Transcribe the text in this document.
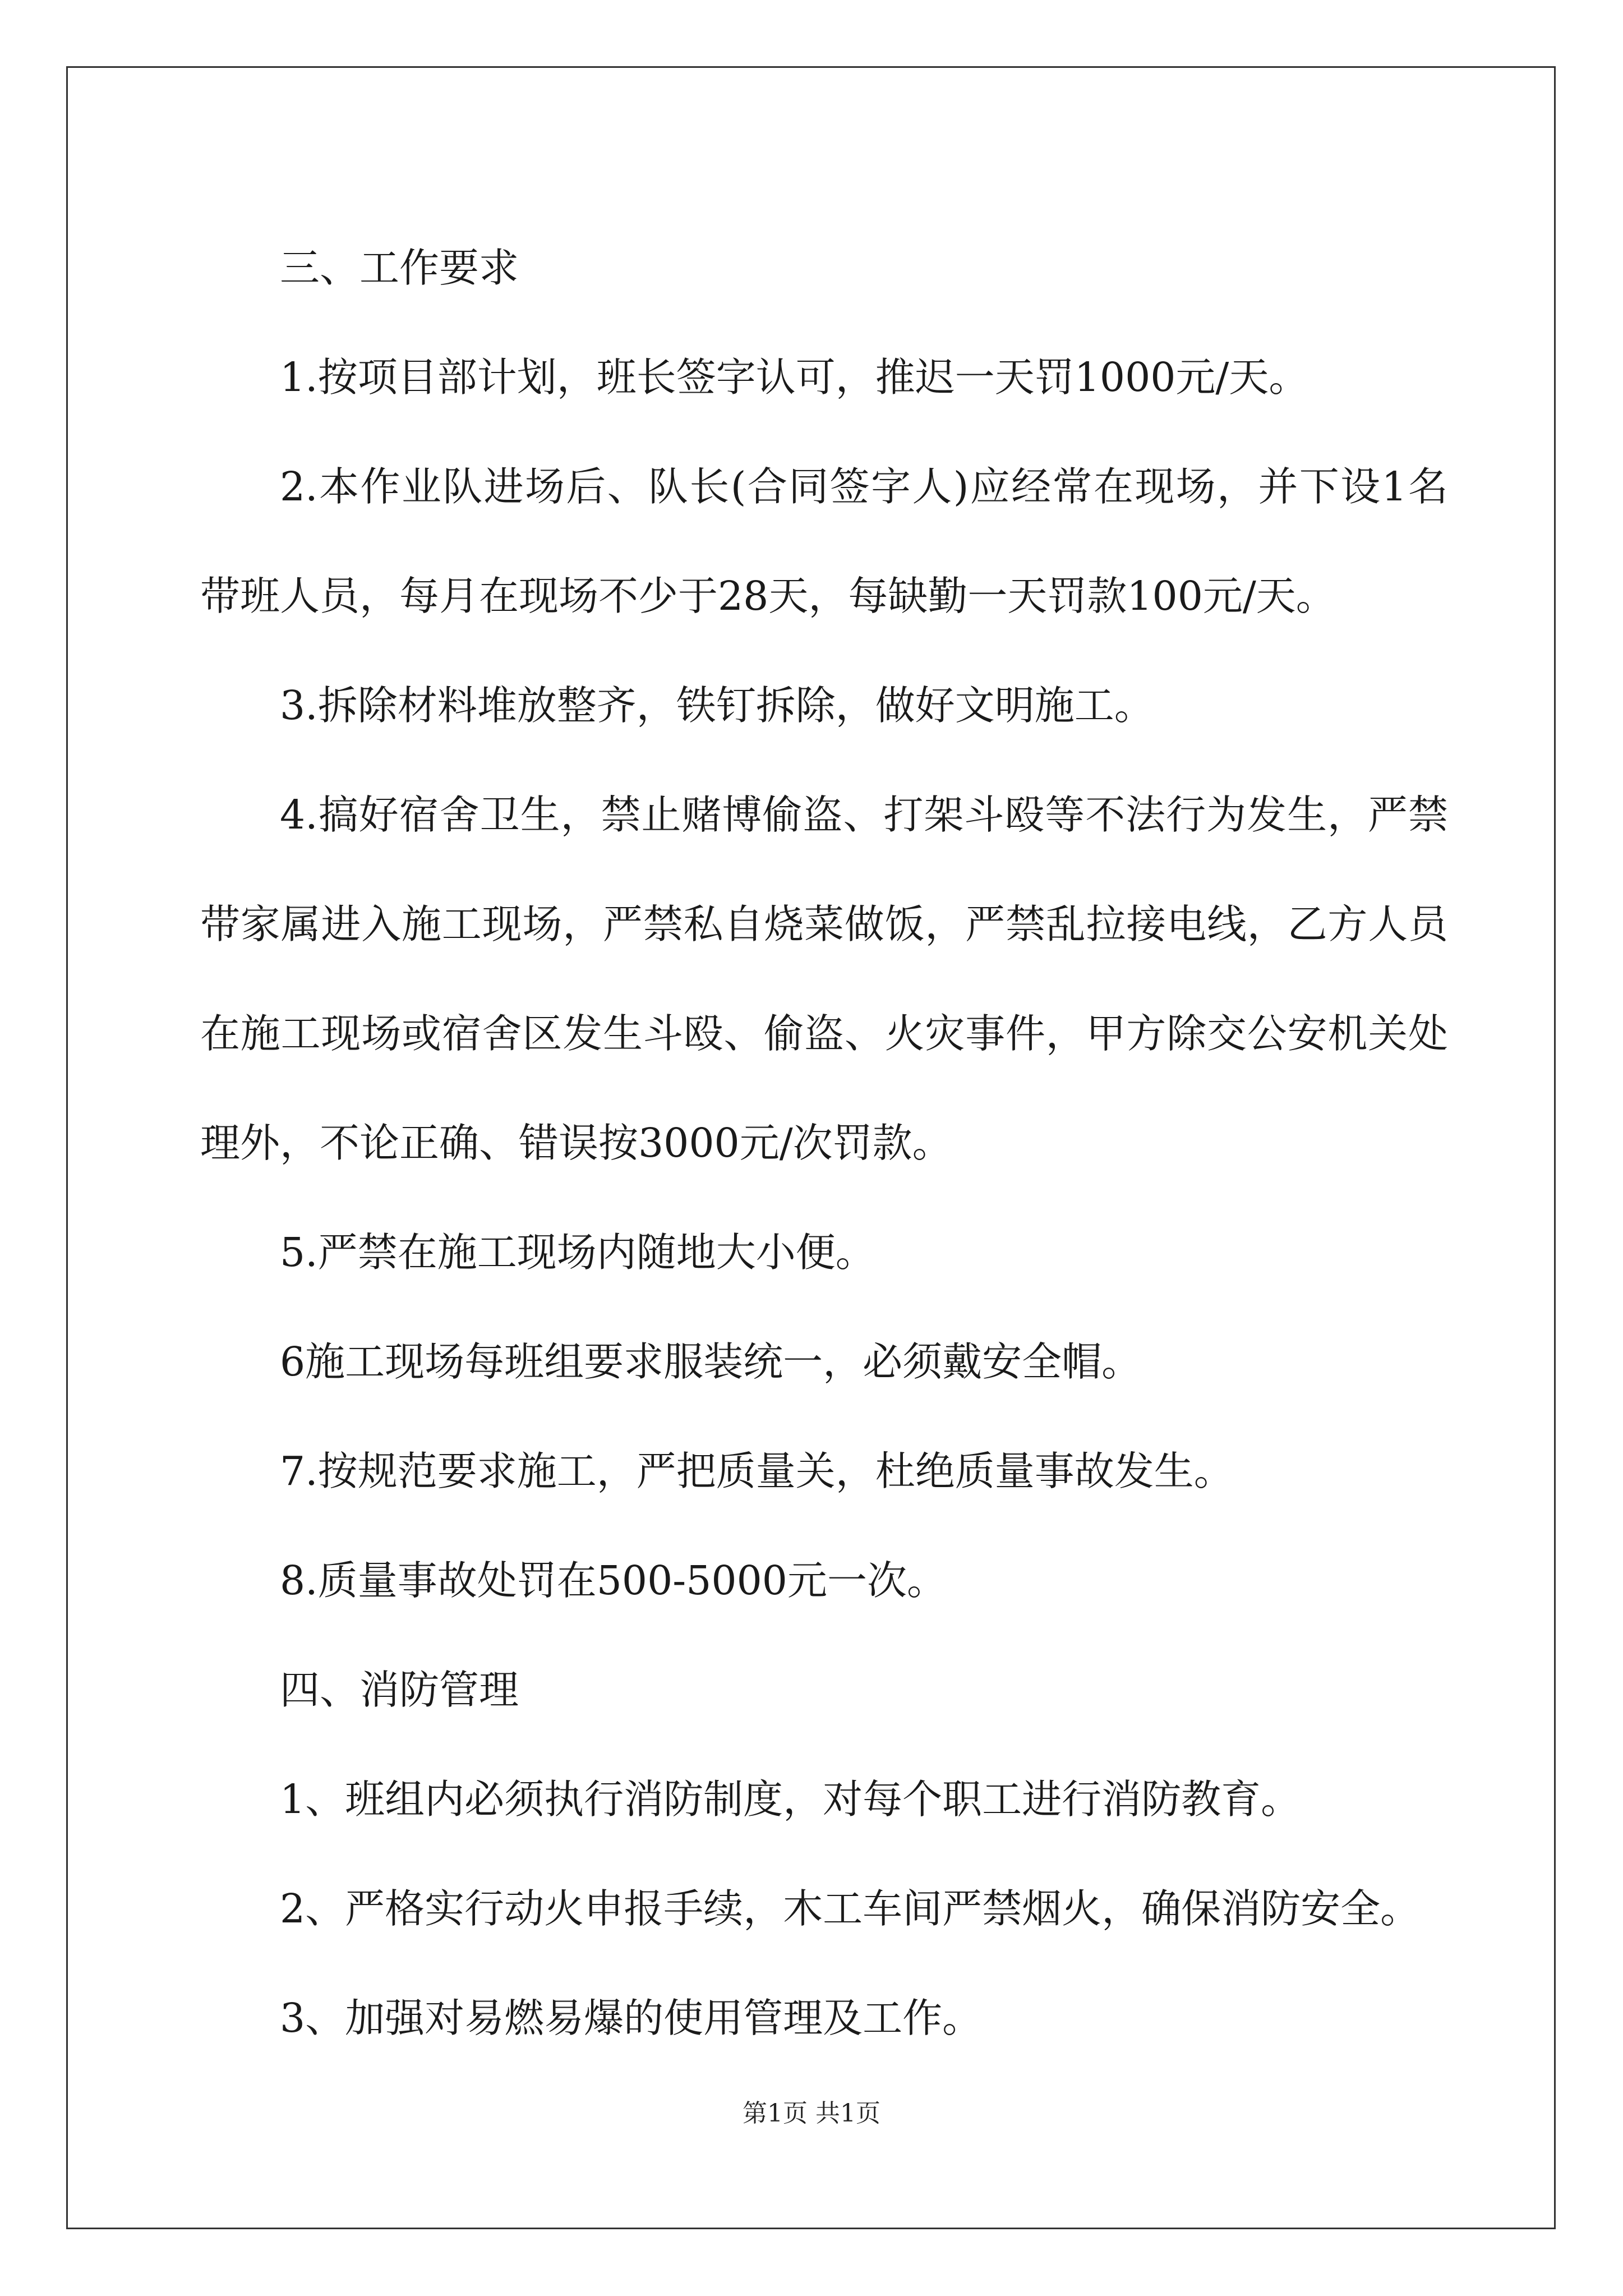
三、工作要求

1.按项目部计划，班长签字认可，推迟一天罚1000元/天。

2.本作业队进场后、队长(合同签字人)应经常在现场，并下设1名带班人员，每月在现场不少于28天，每缺勤一天罚款100元/天。

3.拆除材料堆放整齐，铁钉拆除，做好文明施工。

4.搞好宿舍卫生，禁止赌博偷盗、打架斗殴等不法行为发生，严禁带家属进入施工现场，严禁私自烧菜做饭，严禁乱拉接电线，乙方人员在施工现场或宿舍区发生斗殴、偷盗、火灾事件，甲方除交公安机关处理外，不论正确、错误按3000元/次罚款。

5.严禁在施工现场内随地大小便。

6施工现场每班组要求服装统一，必须戴安全帽。

7.按规范要求施工，严把质量关，杜绝质量事故发生。

8.质量事故处罚在500-5000元一次。

四、消防管理

1、班组内必须执行消防制度，对每个职工进行消防教育。

2、严格实行动火申报手续，木工车间严禁烟火，确保消防安全。

3、加强对易燃易爆的使用管理及工作。

第1页 共1页
